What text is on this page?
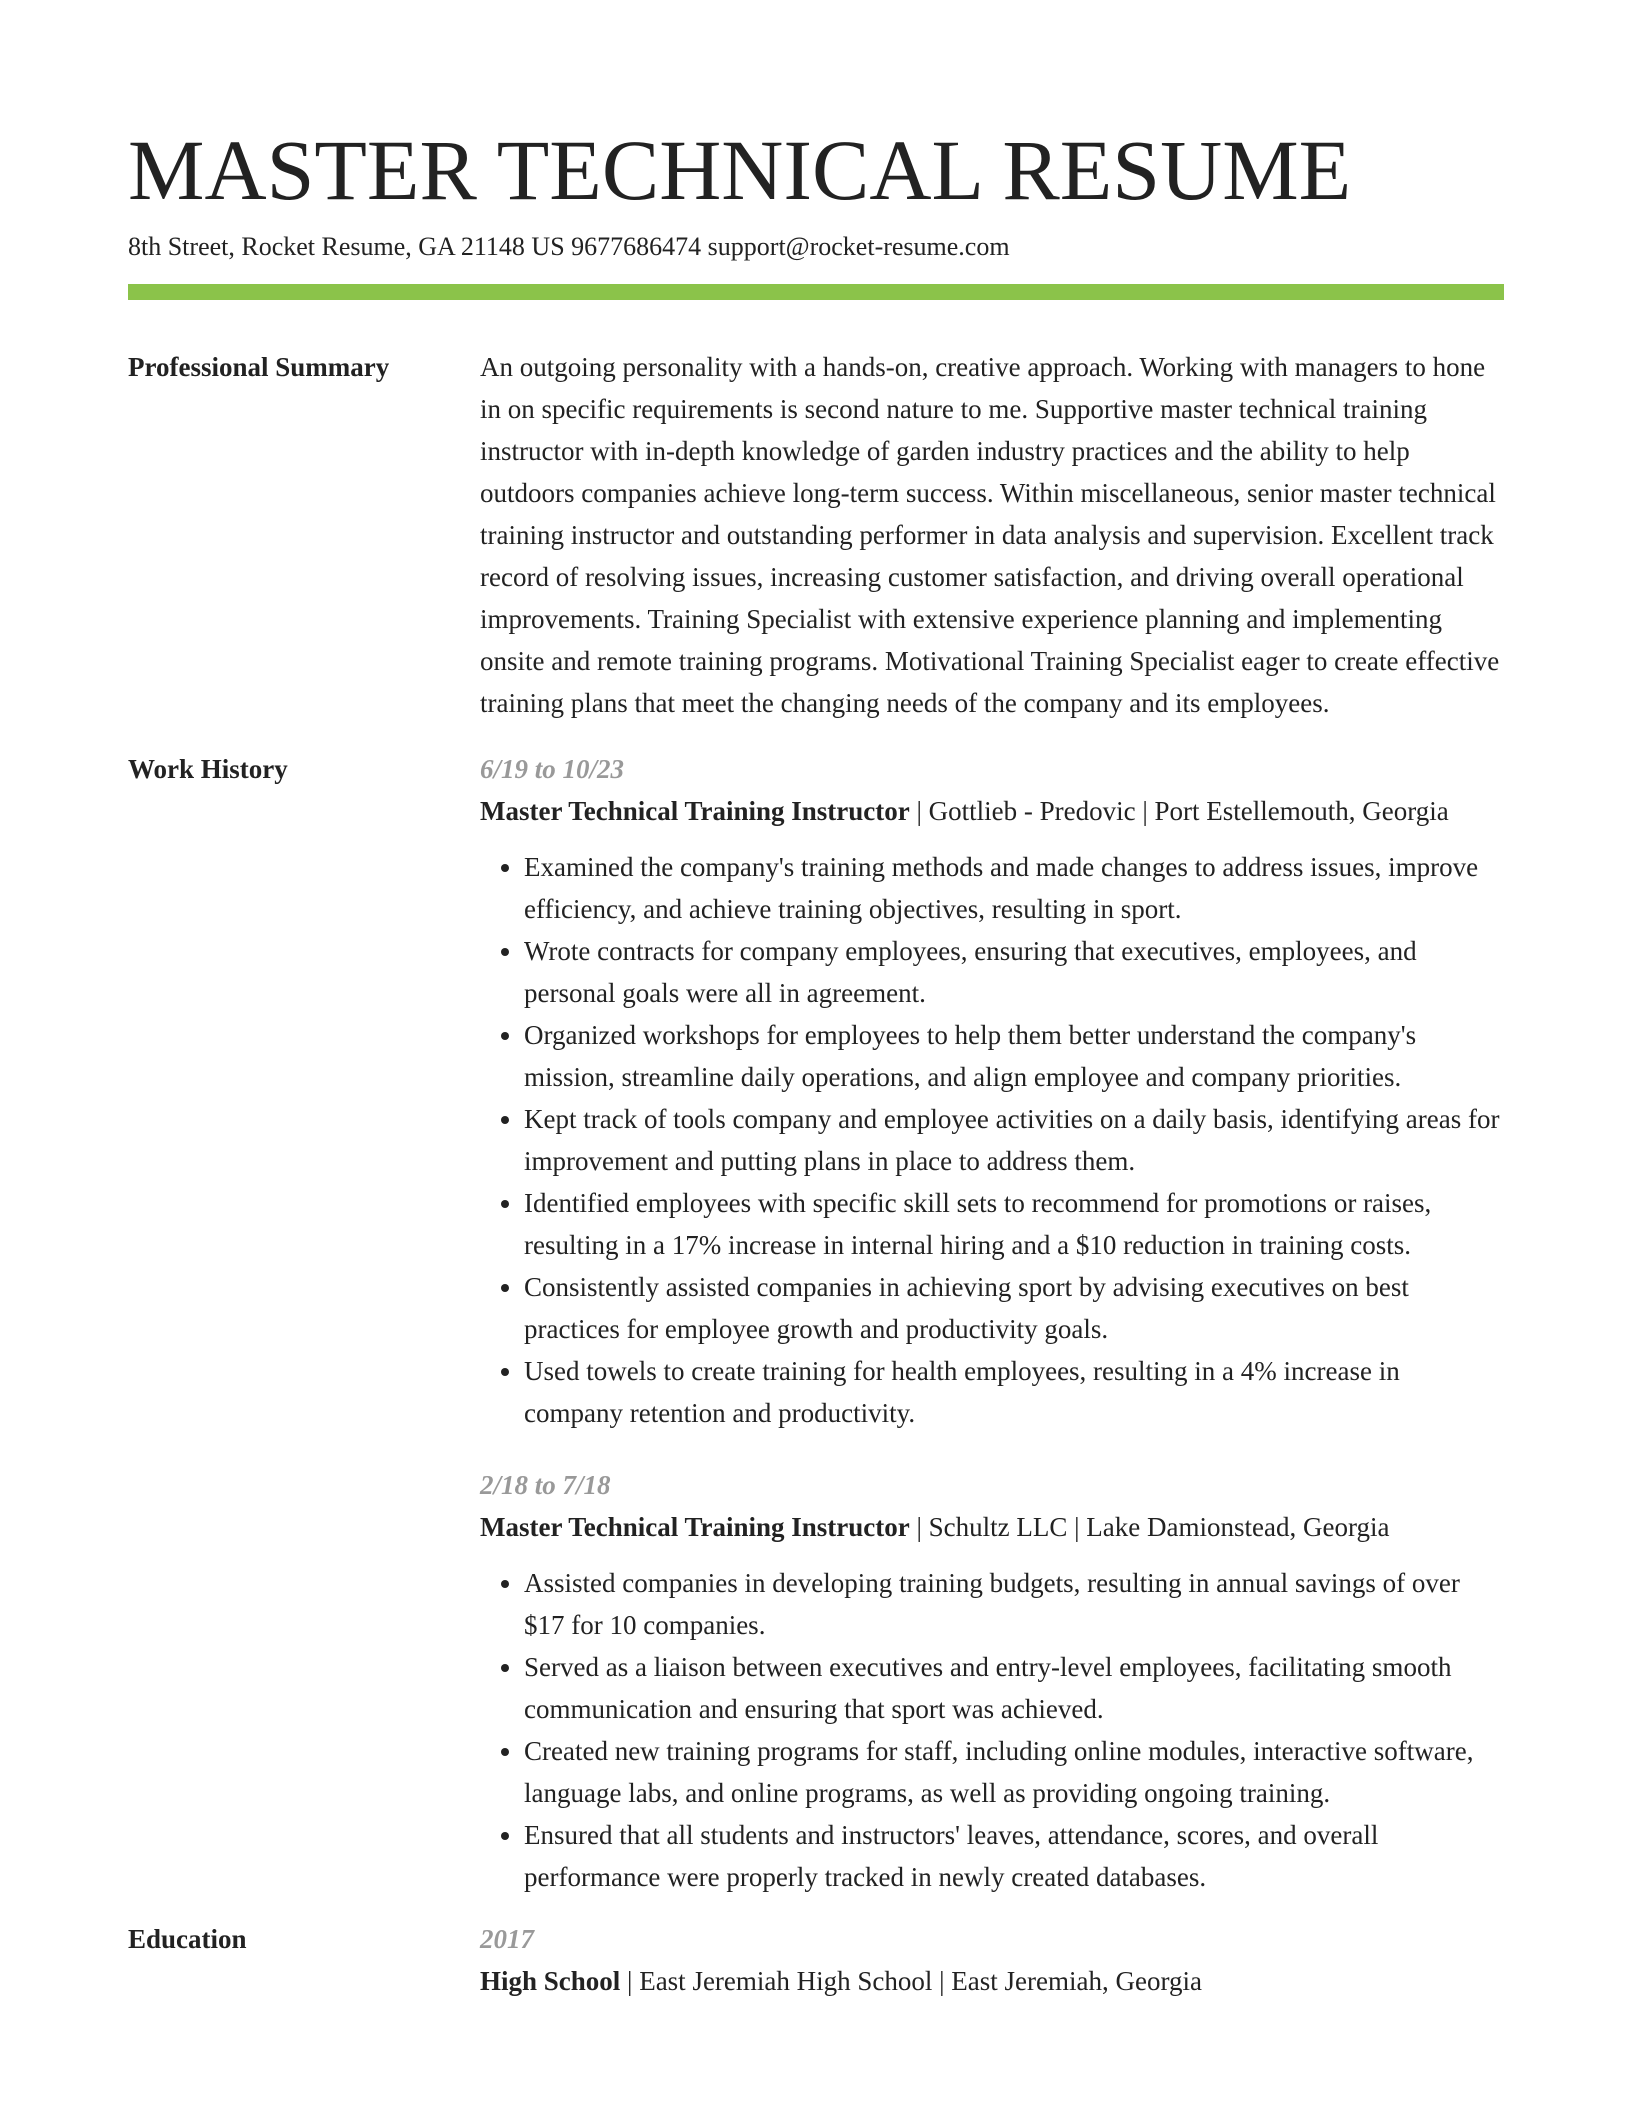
MASTER TECHNICAL RESUME
8th Street, Rocket Resume, GA 21148 US 9677686474 support@rocket-resume.com
Professional Summary	An outgoing personality with a hands-on, creative approach. Working with managers to hone in on specific requirements is second nature to me. Supportive master technical training instructor with in-depth knowledge of garden industry practices and the ability to help outdoors companies achieve long-term success. Within miscellaneous, senior master technical training instructor and outstanding performer in data analysis and supervision. Excellent track record of resolving issues, increasing customer satisfaction, and driving overall operational improvements. Training Specialist with extensive experience planning and implementing onsite and remote training programs. Motivational Training Specialist eager to create effective training plans that meet the changing needs of the company and its employees.

Work History	6/19 to 10/23

Master Technical Training Instructor | Gottlieb - Predovic | Port Estellemouth, Georgia

• Examined the company's training methods and made changes to address issues, improve efficiency, and achieve training objectives, resulting in sport.
• Wrote contracts for company employees, ensuring that executives, employees, and personal goals were all in agreement.
• Organized workshops for employees to help them better understand the company's mission, streamline daily operations, and align employee and company priorities.
• Kept track of tools company and employee activities on a daily basis, identifying areas for improvement and putting plans in place to address them.
• Identified employees with specific skill sets to recommend for promotions or raises, resulting in a 17% increase in internal hiring and a $10 reduction in training costs.
• Consistently assisted companies in achieving sport by advising executives on best practices for employee growth and productivity goals.
• Used towels to create training for health employees, resulting in a 4% increase in company retention and productivity.

2/18 to 7/18

Master Technical Training Instructor | Schultz LLC | Lake Damionstead, Georgia

• Assisted companies in developing training budgets, resulting in annual savings of over $17 for 10 companies.
• Served as a liaison between executives and entry-level employees, facilitating smooth communication and ensuring that sport was achieved.
• Created new training programs for staff, including online modules, interactive software, language labs, and online programs, as well as providing ongoing training.
• Ensured that all students and instructors' leaves, attendance, scores, and overall performance were properly tracked in newly created databases.
Education	2017

High School | East Jeremiah High School | East Jeremiah, Georgia
